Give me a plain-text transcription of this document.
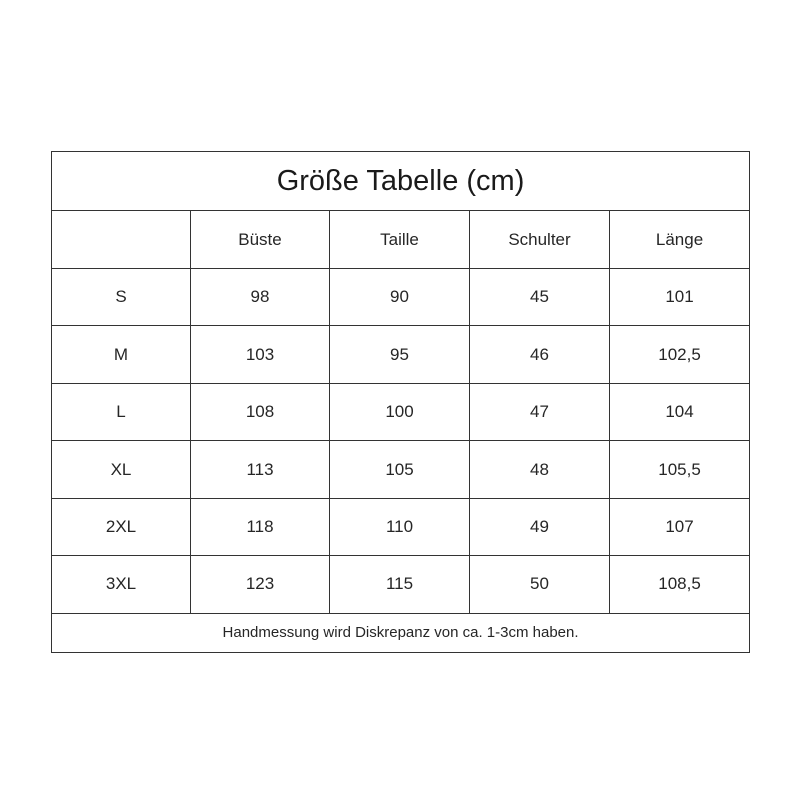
Größe Tabelle (cm)				
	Büste	Taille	Schulter	Länge
S	98	90	45	101
M	103	95	46	102,5
L	108	100	47	104
XL	113	105	48	105,5
2XL	118	110	49	107
3XL	123	115	50	108,5
Handmessung wird Diskrepanz von ca. 1-3cm haben.				
